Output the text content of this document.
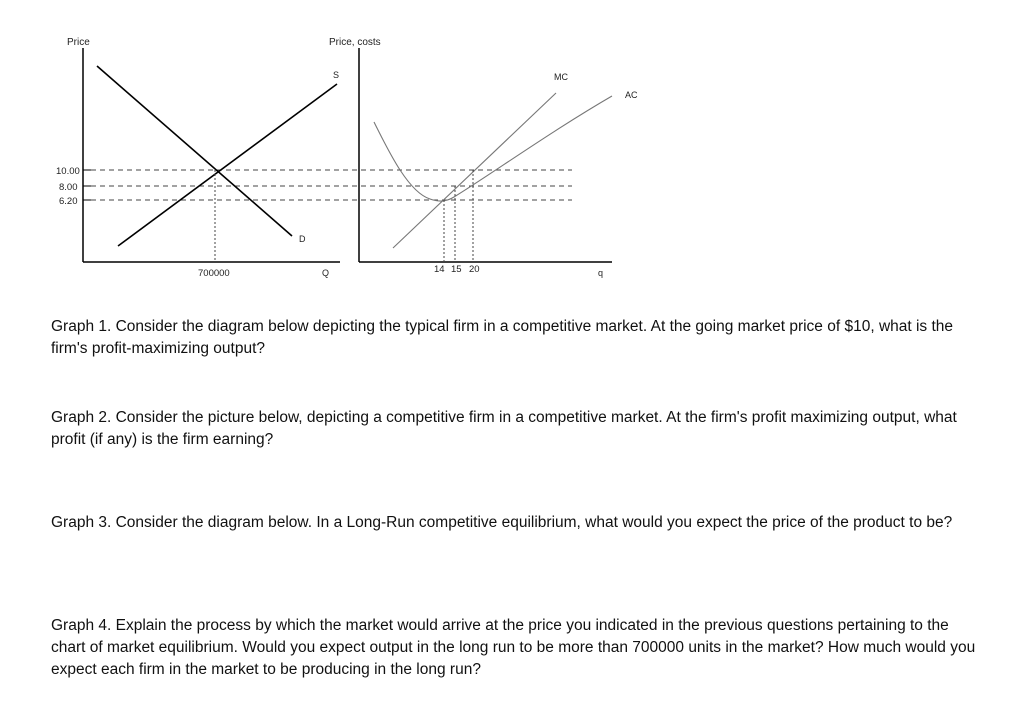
Price
Q
10.00
8.00
6.20
S
D
700000
Price, costs
q
MC
AC
14 15 20

Graph 1. Consider the diagram below depicting the typical firm in a competitive market. At the going market price of $10, what is the firm's profit-maximizing output?

Graph 2. Consider the picture below, depicting a competitive firm in a competitive market. At the firm's profit maximizing output, what profit (if any) is the firm earning?

Graph 3. Consider the diagram below. In a Long-Run competitive equilibrium, what would you expect the price of the product to be?

Graph 4. Explain the process by which the market would arrive at the price you indicated in the previous questions pertaining to the chart of market equilibrium. Would you expect output in the long run to be more than 700000 units in the market? How much would you expect each firm in the market to be producing in the long run?
